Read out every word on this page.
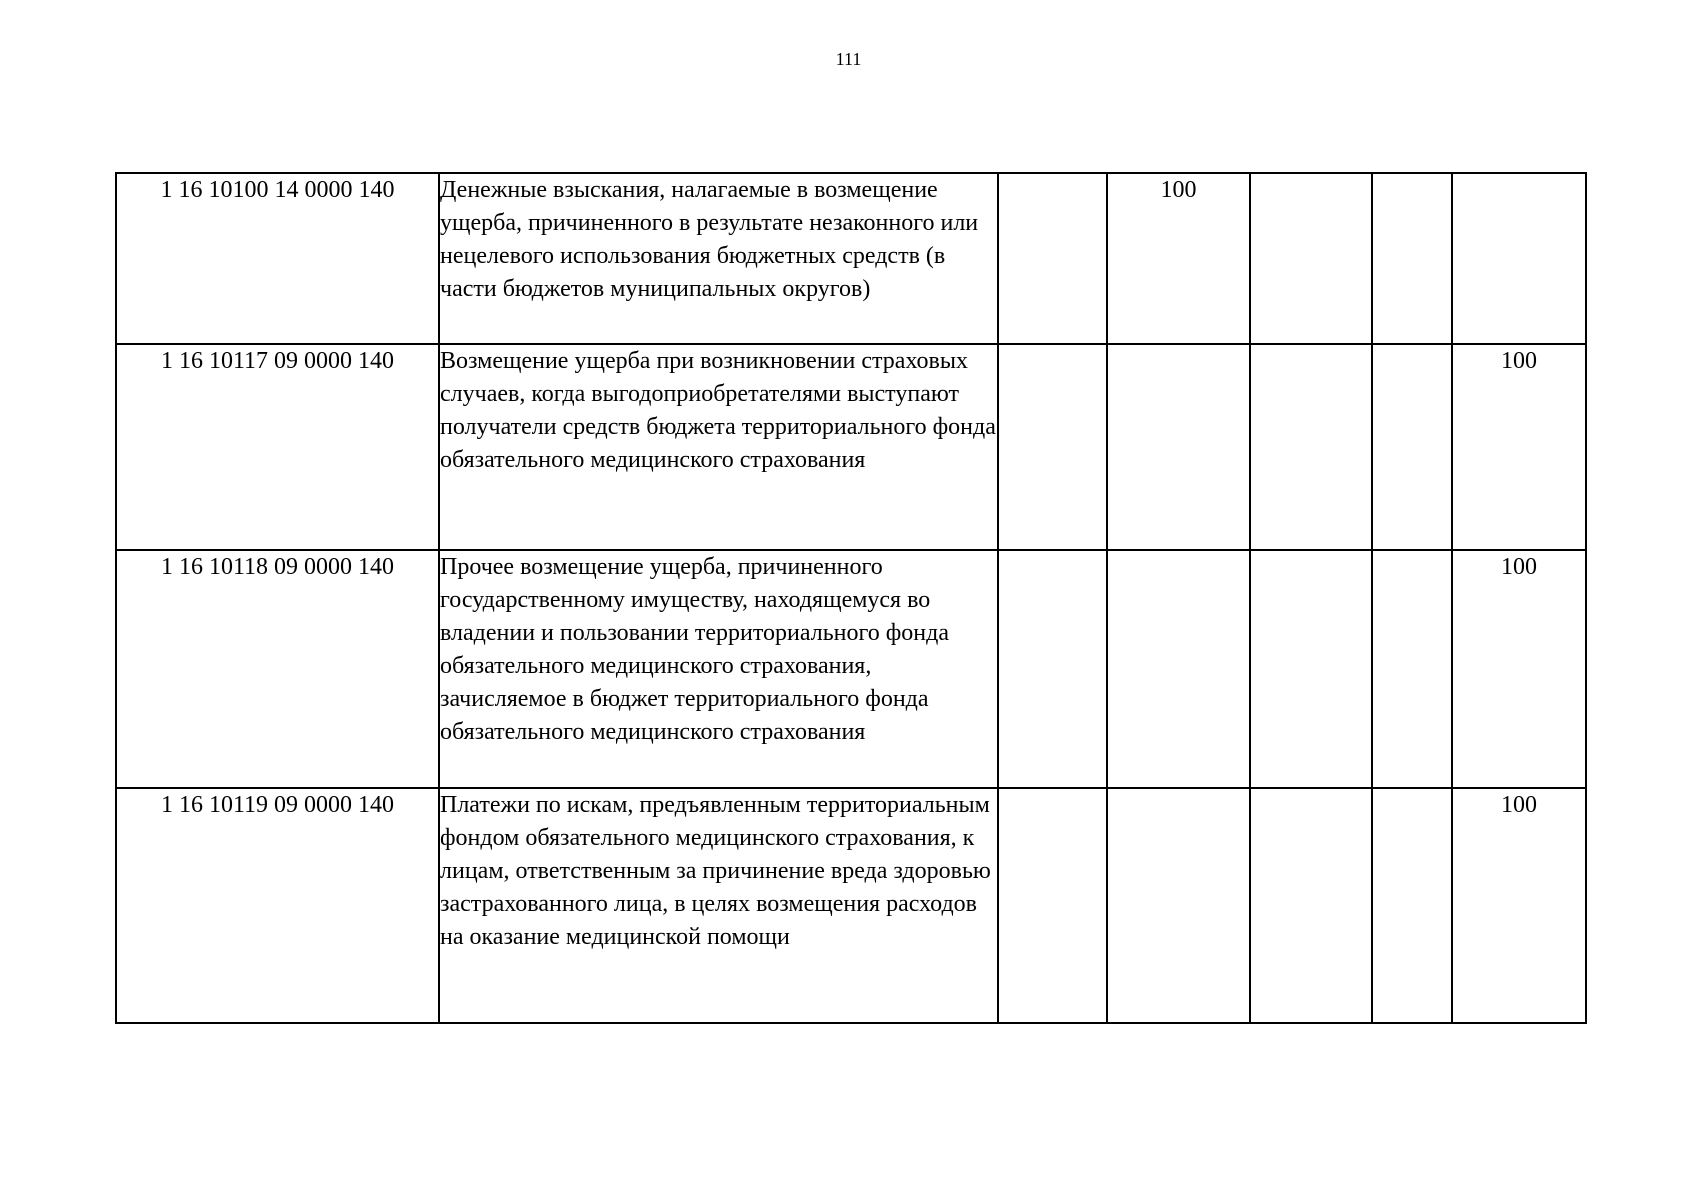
111
1 16 10100 14 0000 140	Денежные взыскания, налагаемые в возмещение ущерба, причиненного в результате незаконного или нецелевого использования бюджетных средств (в части бюджетов муниципальных округов)		100			
1 16 10117 09 0000 140	Возмещение ущерба при возникновении страховых случаев, когда выгодоприобретателями выступают получатели средств бюджета территориального фонда обязательного медицинского страхования					100
1 16 10118 09 0000 140	Прочее возмещение ущерба, причиненного государственному имуществу, находящемуся во владении и пользовании территориального фонда обязательного медицинского страхования, зачисляемое в бюджет территориального фонда обязательного медицинского страхования					100
1 16 10119 09 0000 140	Платежи по искам, предъявленным территориальным фондом обязательного медицинского страхования, к лицам, ответственным за причинение вреда здоровью застрахованного лица, в целях возмещения расходов на оказание медицинской помощи					100
